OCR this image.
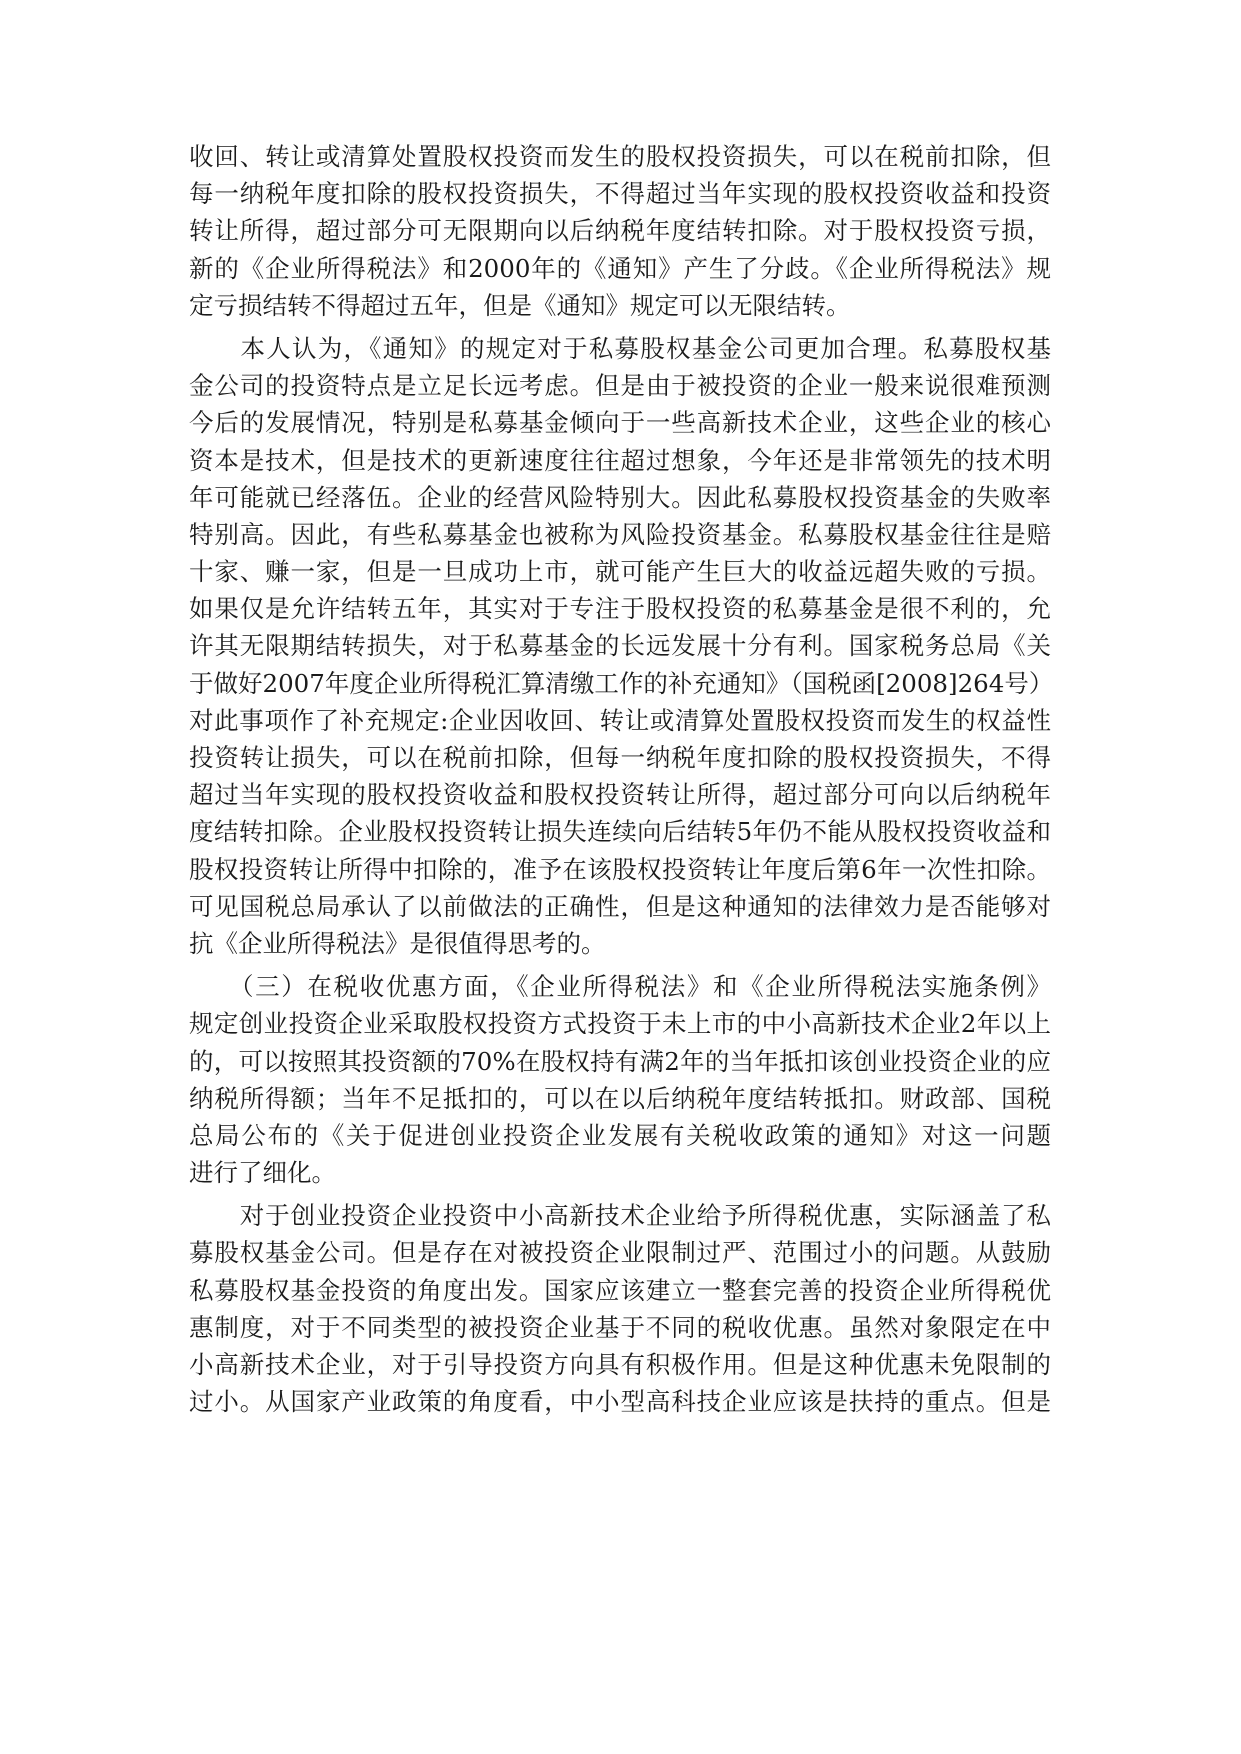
收回、转让或清算处置股权投资而发生的股权投资损失，可以在税前扣除，但
每一纳税年度扣除的股权投资损失，不得超过当年实现的股权投资收益和投资
转让所得，超过部分可无限期向以后纳税年度结转扣除。对于股权投资亏损，
新的《企业所得税法》和2000年的《通知》产生了分歧。《企业所得税法》规
定亏损结转不得超过五年，但是《通知》规定可以无限结转。

　　本人认为，《通知》的规定对于私募股权基金公司更加合理。私募股权基
金公司的投资特点是立足长远考虑。但是由于被投资的企业一般来说很难预测
今后的发展情况，特别是私募基金倾向于一些高新技术企业，这些企业的核心
资本是技术，但是技术的更新速度往往超过想象，今年还是非常领先的技术明
年可能就已经落伍。企业的经营风险特别大。因此私募股权投资基金的失败率
特别高。因此，有些私募基金也被称为风险投资基金。私募股权基金往往是赔
十家、赚一家，但是一旦成功上市，就可能产生巨大的收益远超失败的亏损。
如果仅是允许结转五年，其实对于专注于股权投资的私募基金是很不利的，允
许其无限期结转损失，对于私募基金的长远发展十分有利。国家税务总局《关
于做好2007年度企业所得税汇算清缴工作的补充通知》（国税函[2008]264号）
对此事项作了补充规定:企业因收回、转让或清算处置股权投资而发生的权益性
投资转让损失，可以在税前扣除，但每一纳税年度扣除的股权投资损失，不得
超过当年实现的股权投资收益和股权投资转让所得，超过部分可向以后纳税年
度结转扣除。企业股权投资转让损失连续向后结转5年仍不能从股权投资收益和
股权投资转让所得中扣除的，准予在该股权投资转让年度后第6年一次性扣除。
可见国税总局承认了以前做法的正确性，但是这种通知的法律效力是否能够对
抗《企业所得税法》是很值得思考的。

　　（三）在税收优惠方面，《企业所得税法》和《企业所得税法实施条例》
规定创业投资企业采取股权投资方式投资于未上市的中小高新技术企业2年以上
的，可以按照其投资额的70%在股权持有满2年的当年抵扣该创业投资企业的应
纳税所得额；当年不足抵扣的，可以在以后纳税年度结转抵扣。财政部、国税
总局公布的《关于促进创业投资企业发展有关税收政策的通知》对这一问题
进行了细化。

　　对于创业投资企业投资中小高新技术企业给予所得税优惠，实际涵盖了私
募股权基金公司。但是存在对被投资企业限制过严、范围过小的问题。从鼓励
私募股权基金投资的角度出发。国家应该建立一整套完善的投资企业所得税优
惠制度，对于不同类型的被投资企业基于不同的税收优惠。虽然对象限定在中
小高新技术企业，对于引导投资方向具有积极作用。但是这种优惠未免限制的
过小。从国家产业政策的角度看，中小型高科技企业应该是扶持的重点。但是
